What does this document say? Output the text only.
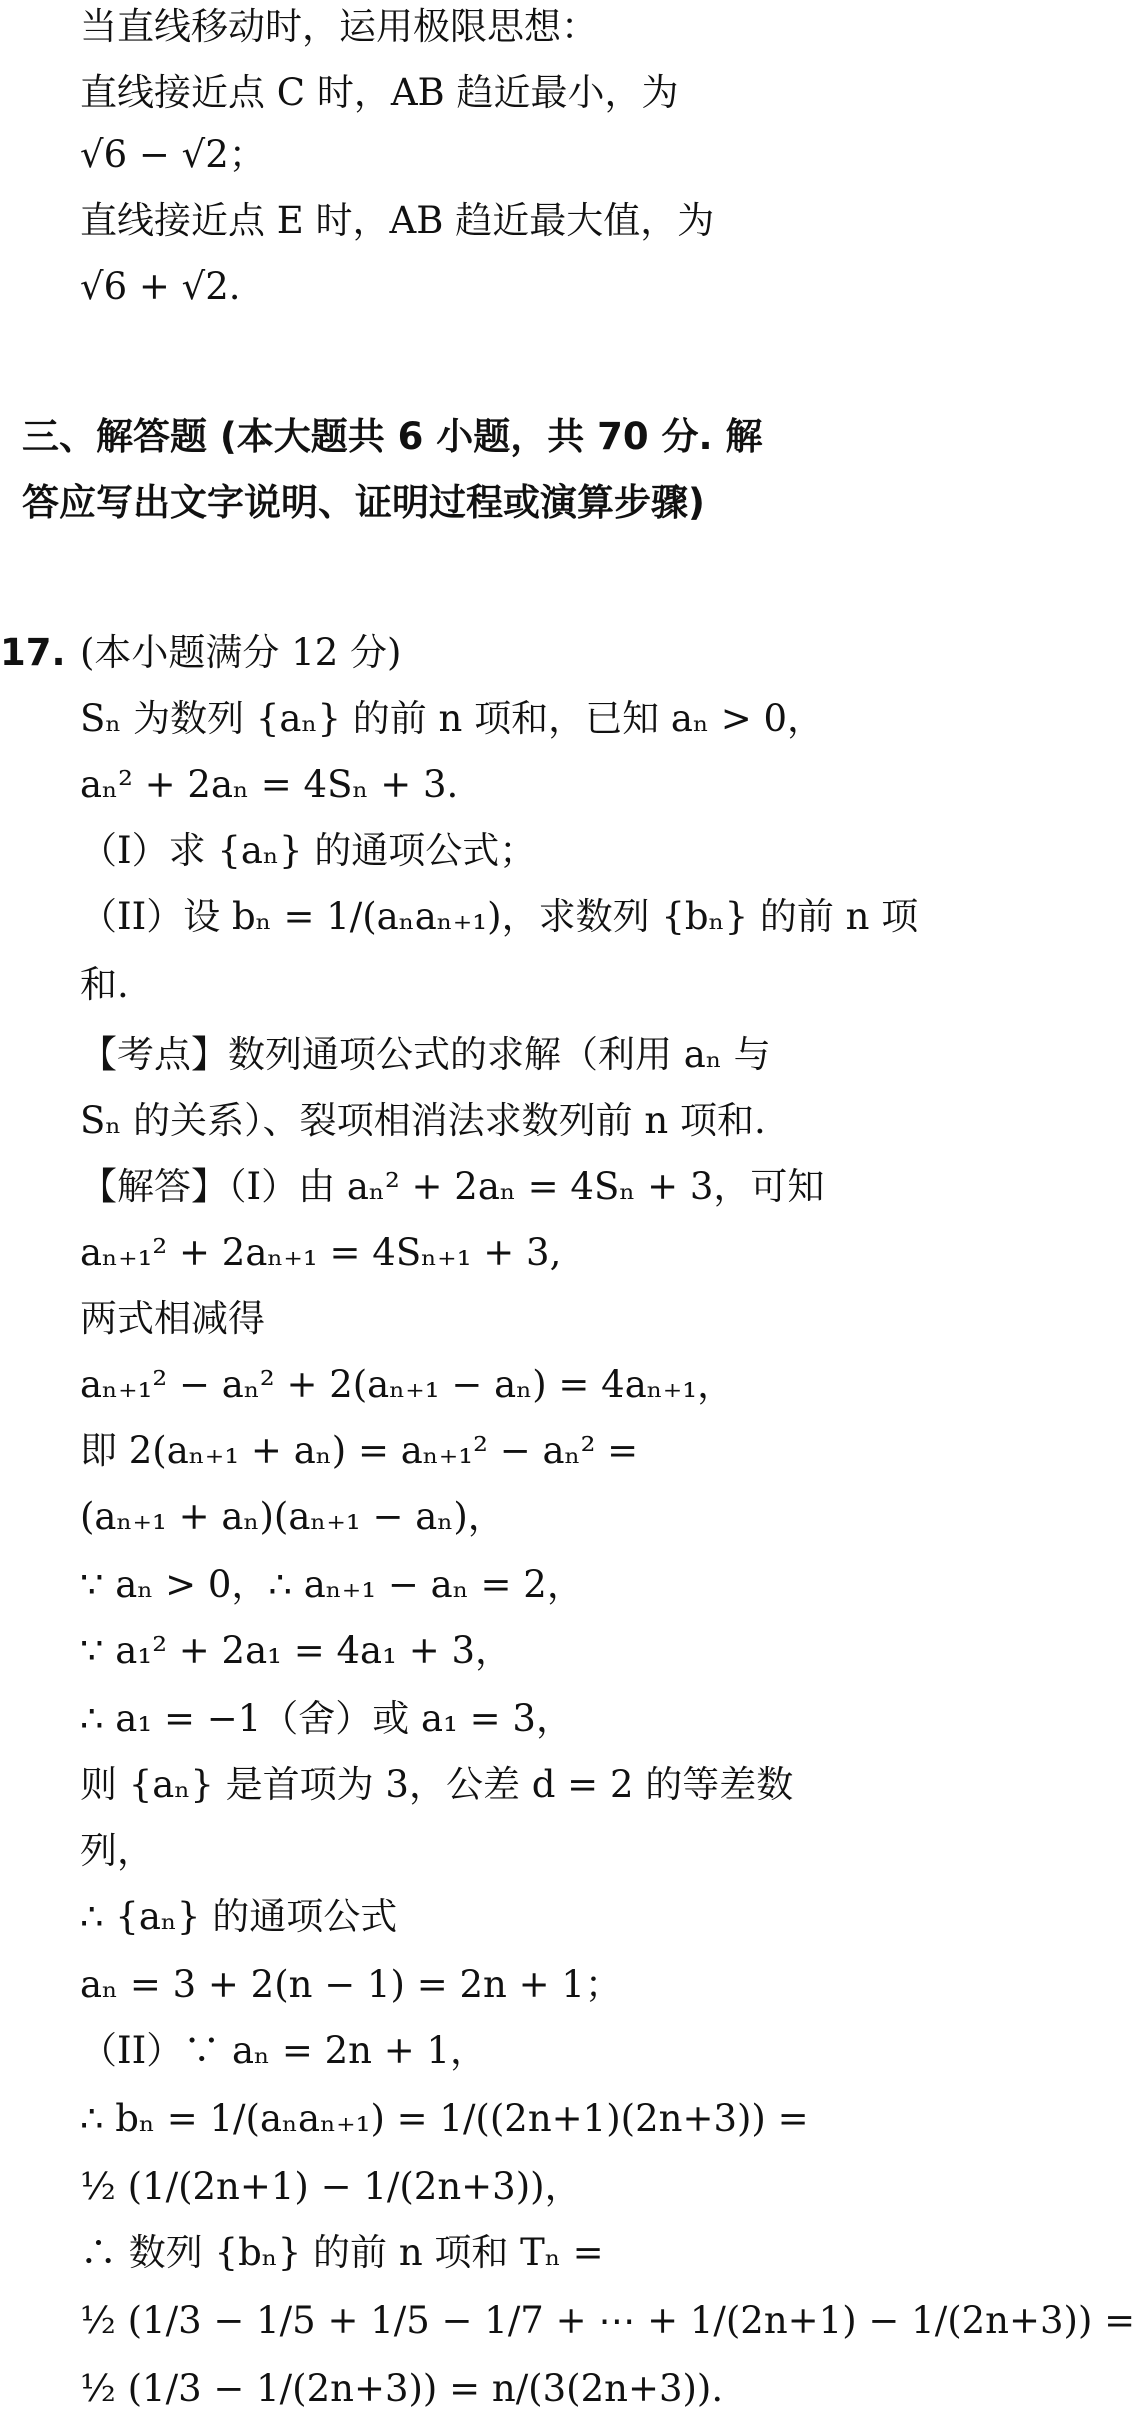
当直线移动时，运用极限思想：
直线接近点 C 时，AB 趋近最小，为
√6 − √2；
直线接近点 E 时，AB 趋近最大值，为
√6 + √2.
三、解答题 (本大题共 6 小题，共 70 分. 解
答应写出文字说明、证明过程或演算步骤)
17. (本小题满分 12 分)
Sₙ 为数列 {aₙ} 的前 n 项和，已知 aₙ > 0，
aₙ² + 2aₙ = 4Sₙ + 3.
（I）求 {aₙ} 的通项公式；
（II）设 bₙ = 1/(aₙaₙ₊₁)，求数列 {bₙ} 的前 n 项
和.
【考点】数列通项公式的求解（利用 aₙ 与
Sₙ 的关系）、裂项相消法求数列前 n 项和.
【解答】（I）由 aₙ² + 2aₙ = 4Sₙ + 3，可知
aₙ₊₁² + 2aₙ₊₁ = 4Sₙ₊₁ + 3,
两式相减得
aₙ₊₁² − aₙ² + 2(aₙ₊₁ − aₙ) = 4aₙ₊₁，
即 2(aₙ₊₁ + aₙ) = aₙ₊₁² − aₙ² =
(aₙ₊₁ + aₙ)(aₙ₊₁ − aₙ)，
∵ aₙ > 0，∴ aₙ₊₁ − aₙ = 2，
∵ a₁² + 2a₁ = 4a₁ + 3，
∴ a₁ = −1（舍）或 a₁ = 3，
则 {aₙ} 是首项为 3，公差 d = 2 的等差数
列，
∴ {aₙ} 的通项公式
aₙ = 3 + 2(n − 1) = 2n + 1；
（II）∵ aₙ = 2n + 1，
∴ bₙ = 1/(aₙaₙ₊₁) = 1/((2n+1)(2n+3)) =
½ (1/(2n+1) − 1/(2n+3))，
∴ 数列 {bₙ} 的前 n 项和 Tₙ =
½ (1/3 − 1/5 + 1/5 − 1/7 + ⋯ + 1/(2n+1) − 1/(2n+3)) =
½ (1/3 − 1/(2n+3)) = n/(3(2n+3)).
